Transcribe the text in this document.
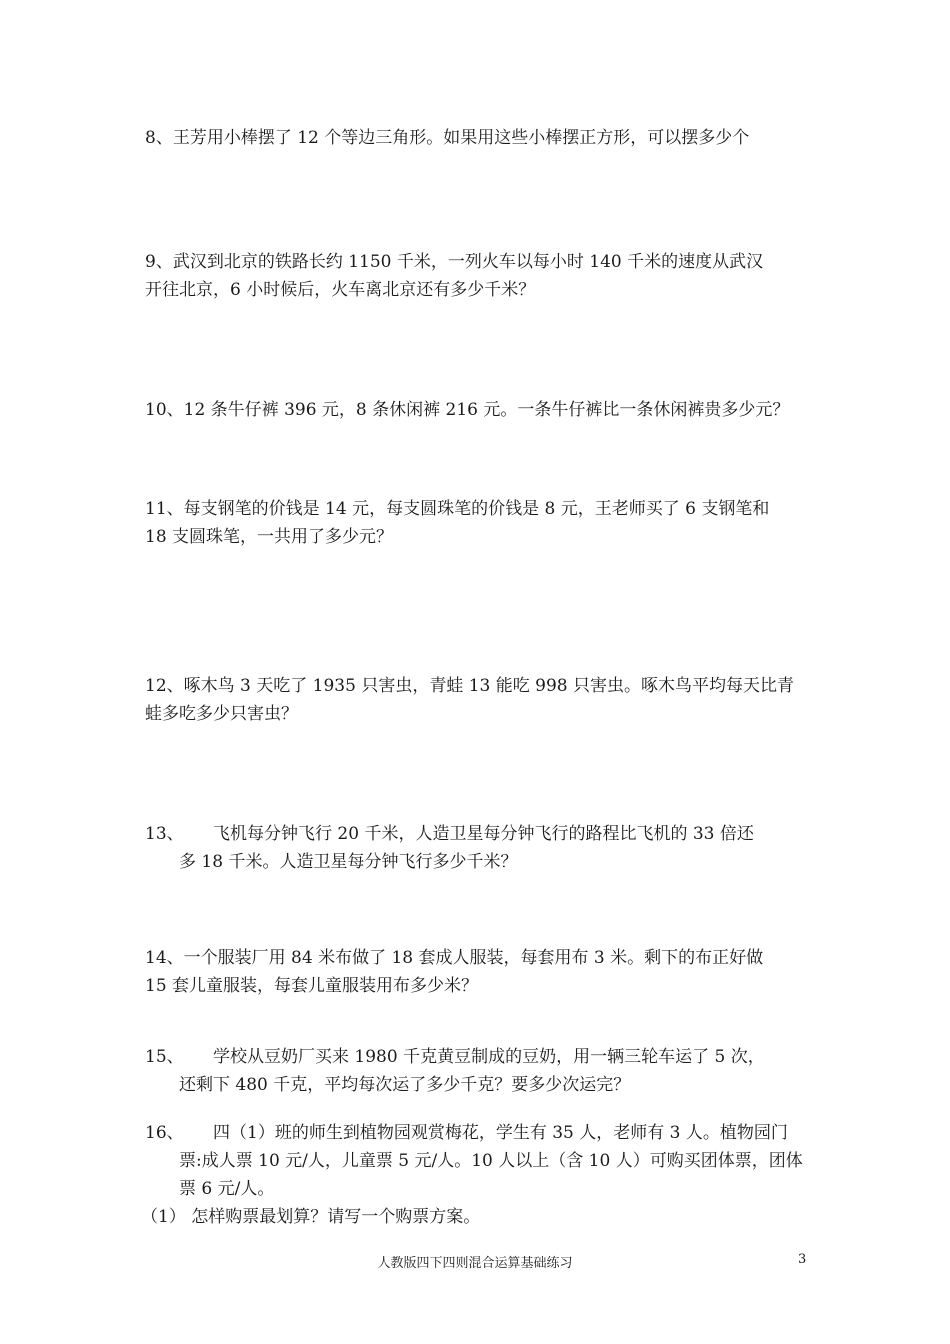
8、王芳用小棒摆了 12 个等边三角形。如果用这些小棒摆正方形，可以摆多少个
9、武汉到北京的铁路长约 1150 千米，一列火车以每小时 140 千米的速度从武汉
开往北京，6 小时候后，火车离北京还有多少千米？
10、12 条牛仔裤 396 元，8 条休闲裤 216 元。一条牛仔裤比一条休闲裤贵多少元？
11、每支钢笔的价钱是 14 元，每支圆珠笔的价钱是 8 元，王老师买了 6 支钢笔和
18 支圆珠笔，一共用了多少元？
12、啄木鸟 3 天吃了 1935 只害虫，青蛙 13 能吃 998 只害虫。啄木鸟平均每天比青
蛙多吃多少只害虫？
13、 飞机每分钟飞行 20 千米，人造卫星每分钟飞行的路程比飞机的 33 倍还
多 18 千米。人造卫星每分钟飞行多少千米？
14、一个服装厂用 84 米布做了 18 套成人服装，每套用布 3 米。剩下的布正好做
15 套儿童服装，每套儿童服装用布多少米？
15、 学校从豆奶厂买来 1980 千克黄豆制成的豆奶，用一辆三轮车运了 5 次，
还剩下 480 千克，平均每次运了多少千克？要多少次运完？
16、 四（1）班的师生到植物园观赏梅花，学生有 35 人，老师有 3 人。植物园门
票:成人票 10 元/人，儿童票 5 元/人。10 人以上（含 10 人）可购买团体票，团体
票 6 元/人。
（1） 怎样购票最划算？请写一个购票方案。
人教版四下四则混合运算基础练习	3
